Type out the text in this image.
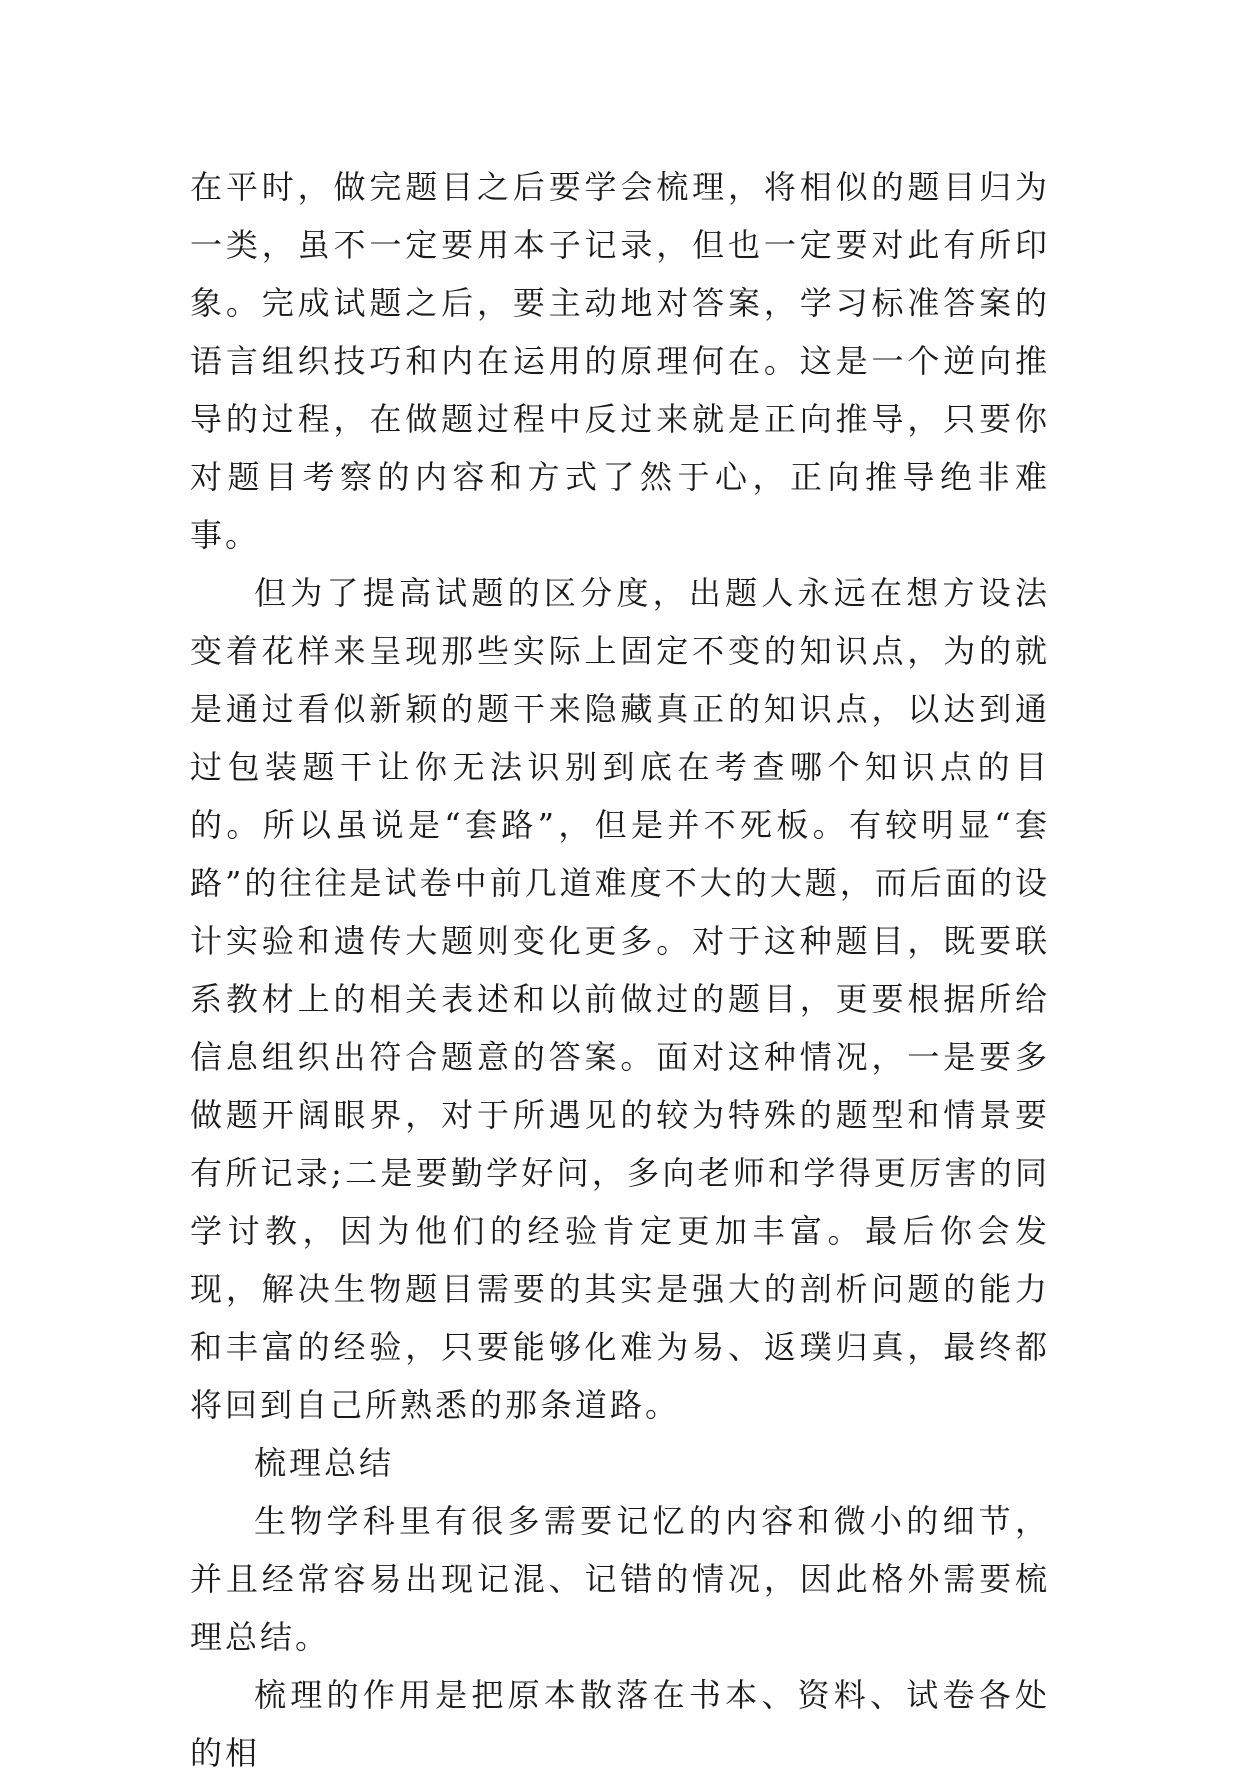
在平时，做完题目之后要学会梳理，将相似的题目归为一类，虽不一定要用本子记录，但也一定要对此有所印象。完成试题之后，要主动地对答案，学习标准答案的语言组织技巧和内在运用的原理何在。这是一个逆向推导的过程，在做题过程中反过来就是正向推导，只要你对题目考察的内容和方式了然于心，正向推导绝非难事。

但为了提高试题的区分度，出题人永远在想方设法变着花样来呈现那些实际上固定不变的知识点，为的就是通过看似新颖的题干来隐藏真正的知识点，以达到通过包装题干让你无法识别到底在考查哪个知识点的目的。所以虽说是“套路”，但是并不死板。有较明显“套路”的往往是试卷中前几道难度不大的大题，而后面的设计实验和遗传大题则变化更多。对于这种题目，既要联系教材上的相关表述和以前做过的题目，更要根据所给信息组织出符合题意的答案。面对这种情况，一是要多做题开阔眼界，对于所遇见的较为特殊的题型和情景要有所记录;二是要勤学好问，多向老师和学得更厉害的同学讨教，因为他们的经验肯定更加丰富。最后你会发现，解决生物题目需要的其实是强大的剖析问题的能力和丰富的经验，只要能够化难为易、返璞归真，最终都将回到自己所熟悉的那条道路。

梳理总结

生物学科里有很多需要记忆的内容和微小的细节，并且经常容易出现记混、记错的情况，因此格外需要梳理总结。

梳理的作用是把原本散落在书本、资料、试卷各处的相
